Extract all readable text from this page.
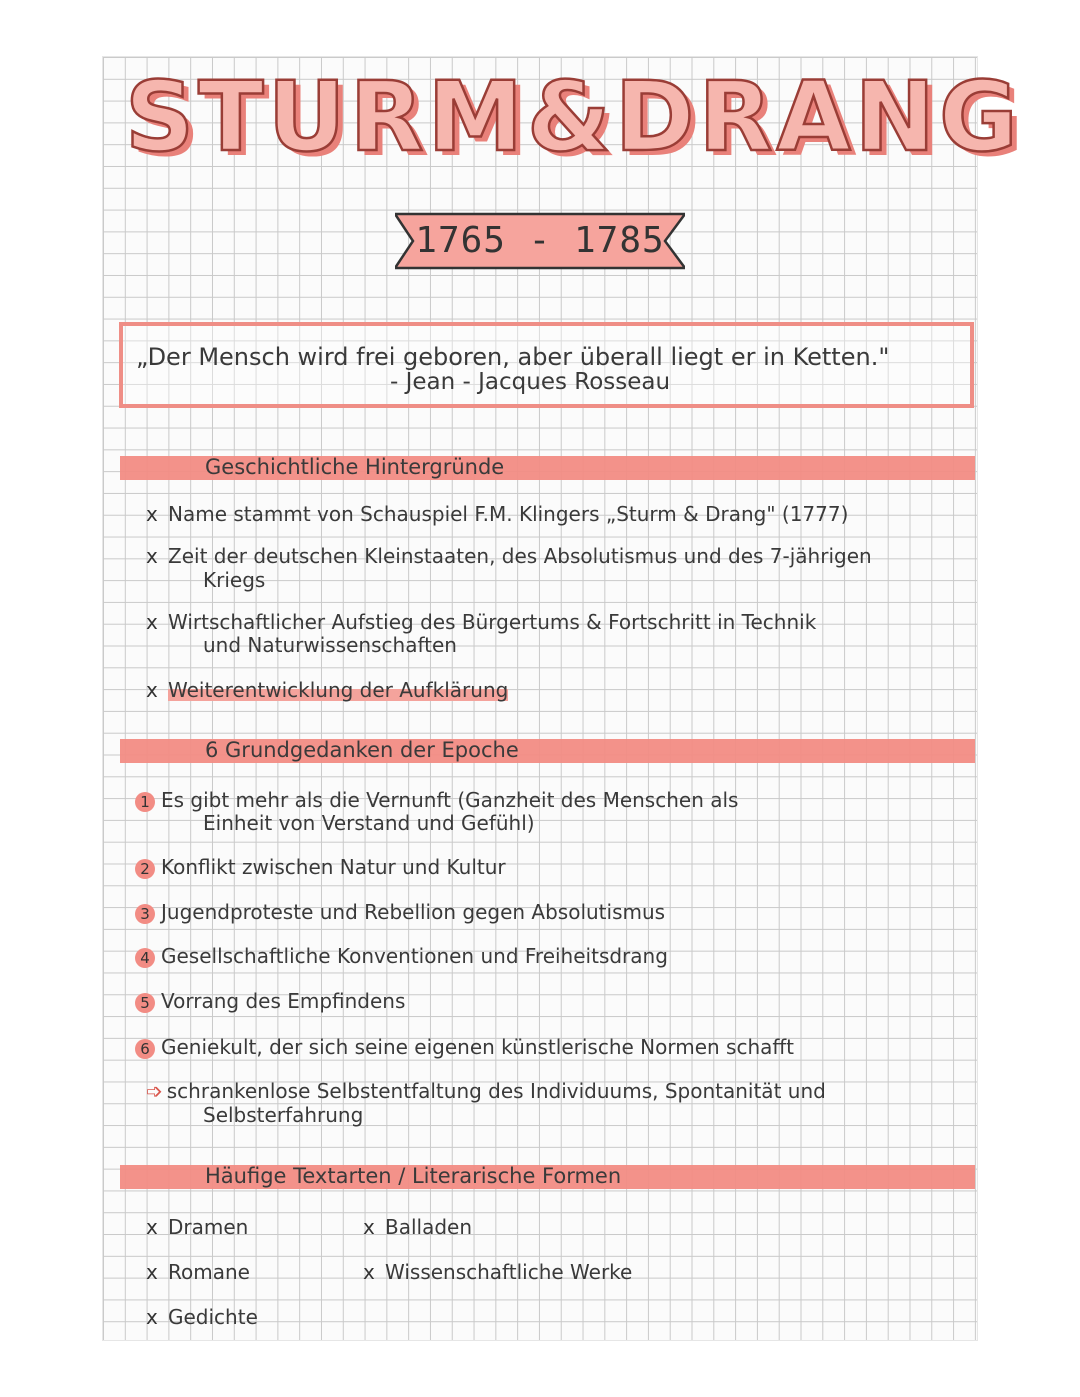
STURM&DRANG
1765 - 1785
„Der Mensch wird frei geboren, aber überall liegt er in Ketten."
- Jean - Jacques Rosseau
Geschichtliche Hintergründe
x Name stammt von Schauspiel F.M. Klingers „Sturm & Drang" (1777)
x Zeit der deutschen Kleinstaaten, des Absolutismus und des 7-jährigen
Kriegs
x Wirtschaftlicher Aufstieg des Bürgertums & Fortschritt in Technik
und Naturwissenschaften
x Weiterentwicklung der Aufklärung
6 Grundgedanken der Epoche
1 Es gibt mehr als die Vernunft (Ganzheit des Menschen als
Einheit von Verstand und Gefühl)
2 Konflikt zwischen Natur und Kultur
3 Jugendproteste und Rebellion gegen Absolutismus
4 Gesellschaftliche Konventionen und Freiheitsdrang
5 Vorrang des Empfindens
6 Geniekult, der sich seine eigenen künstlerische Normen schafft
➩ schrankenlose Selbstentfaltung des Individuums, Spontanität und
Selbsterfahrung
Häufige Textarten / Literarische Formen
x Dramen
x Romane
x Gedichte
x Balladen
x Wissenschaftliche Werke
